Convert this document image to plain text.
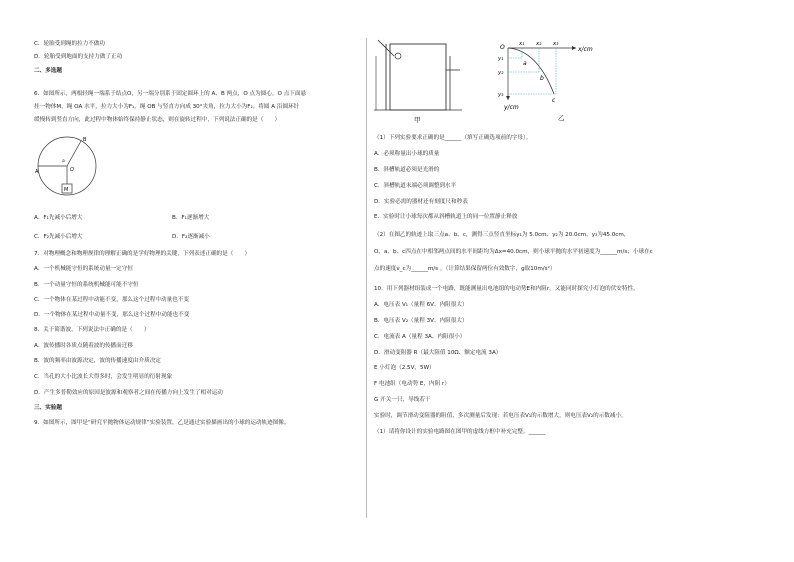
C．轮胎受到绳的拉力不做功
D．轮胎受到地面的支持力做了正功
二、多选题
6．如图所示，两根轻绳一端系于结点O，另一端分别系于固定圆环上的 A、B 两点，O 点为圆心。O 点下面悬
挂一物体M，绳 OA 水平，拉力大小为F₁，绳 OB 与竖直方向成 30°夹角，拉力大小为F₂。将圆 A 沿圆环针
缓慢转到竖直方向，此过程中物体始终保持静止状态，则在旋转过程中，下列说法正确的是（　　）
A
B
O
M
a
A．F₁先减小后增大	B．F₁逐渐增大
C．F₂先减小后增大	D．F₂逐渐减小
7．对物理概念和物理规律的理解正确的是学好物理的关键，下列表述正确的是（　　）
A．一个机械能守恒的系统动量一定守恒
B．一个动量守恒的系统机械能可能不守恒
C．一个物体在某过程中动能不变，那么这个过程中动量也不变
D．一个物体在某过程中动量不变，那么这个过程中动能也不变
8．关于简谐波，下列说法中正确的是（　　）
A．波传播时各质点随着波的传播而迁移
B．波的频率由波源决定，波的传播速度由介质决定
C．当孔的大小比波长大得多时，会发生明显的衍射现象
D．产生多普勒效应的原因是波源和观察者之间在传播方向上发生了相对运动
三、实验题
9．如图所示，图甲是“研究平抛物体运动规律”实验装置，乙是通过实验描画出的小球的运动轨迹图像。
甲
O	x₁ x₂ x₃
x/cm
y₁
y₂
y₃
y/cm
a
b
c
乙
（1）下列实验要求正确的是______（填写正确选项前的字母）。
A．必须称量出小球的质量
B．斜槽轨道必须是光滑的
C．斜槽轨道末端必须调整到水平
D．实验必需的器材还有刻度尺和秒表
E．实验时让小球每次都从斜槽轨道上的同一位置静止释放
（2）在图乙的轨迹上取三点a、b、c，测得三点竖直坐标y₁为 5.0cm、y₂为 20.0cm、y₃为45.0cm，
O、a、b、c四点在中相邻两点间的水平间距均为Δx=40.0cm，则小球平抛的水平初速度为______m/s；小球在c
点的速度v_c为______m/s 。（计算结果保留两位有效数字，g取10m/s²）
10．用下列器材组装成一个电路，既能测量出电池组的电动势E和内阻r，又能同时探究小灯泡的伏安特性。
A．电压表 V₁（量程 6V、内阻很大）
B．电压表 V₂（量程 3V、内阻很大）
C．电流表 A（量程 3A、内阻很小）
D．滑动变阻器 R（最大阻值 10Ω、额定电流 3A）
E 小灯泡（2.5V，5W）
F 电池组（电动势 E，内阻 r）
G 开关一只，导线若干
实验时，调节滑动变阻器的阻值，多次测量后发现：若电压表V₁的示数增大，则电压表V₂的示数减小。
（1）请将你设计的实验电路图在图甲的虚线方框中补充完整。______
